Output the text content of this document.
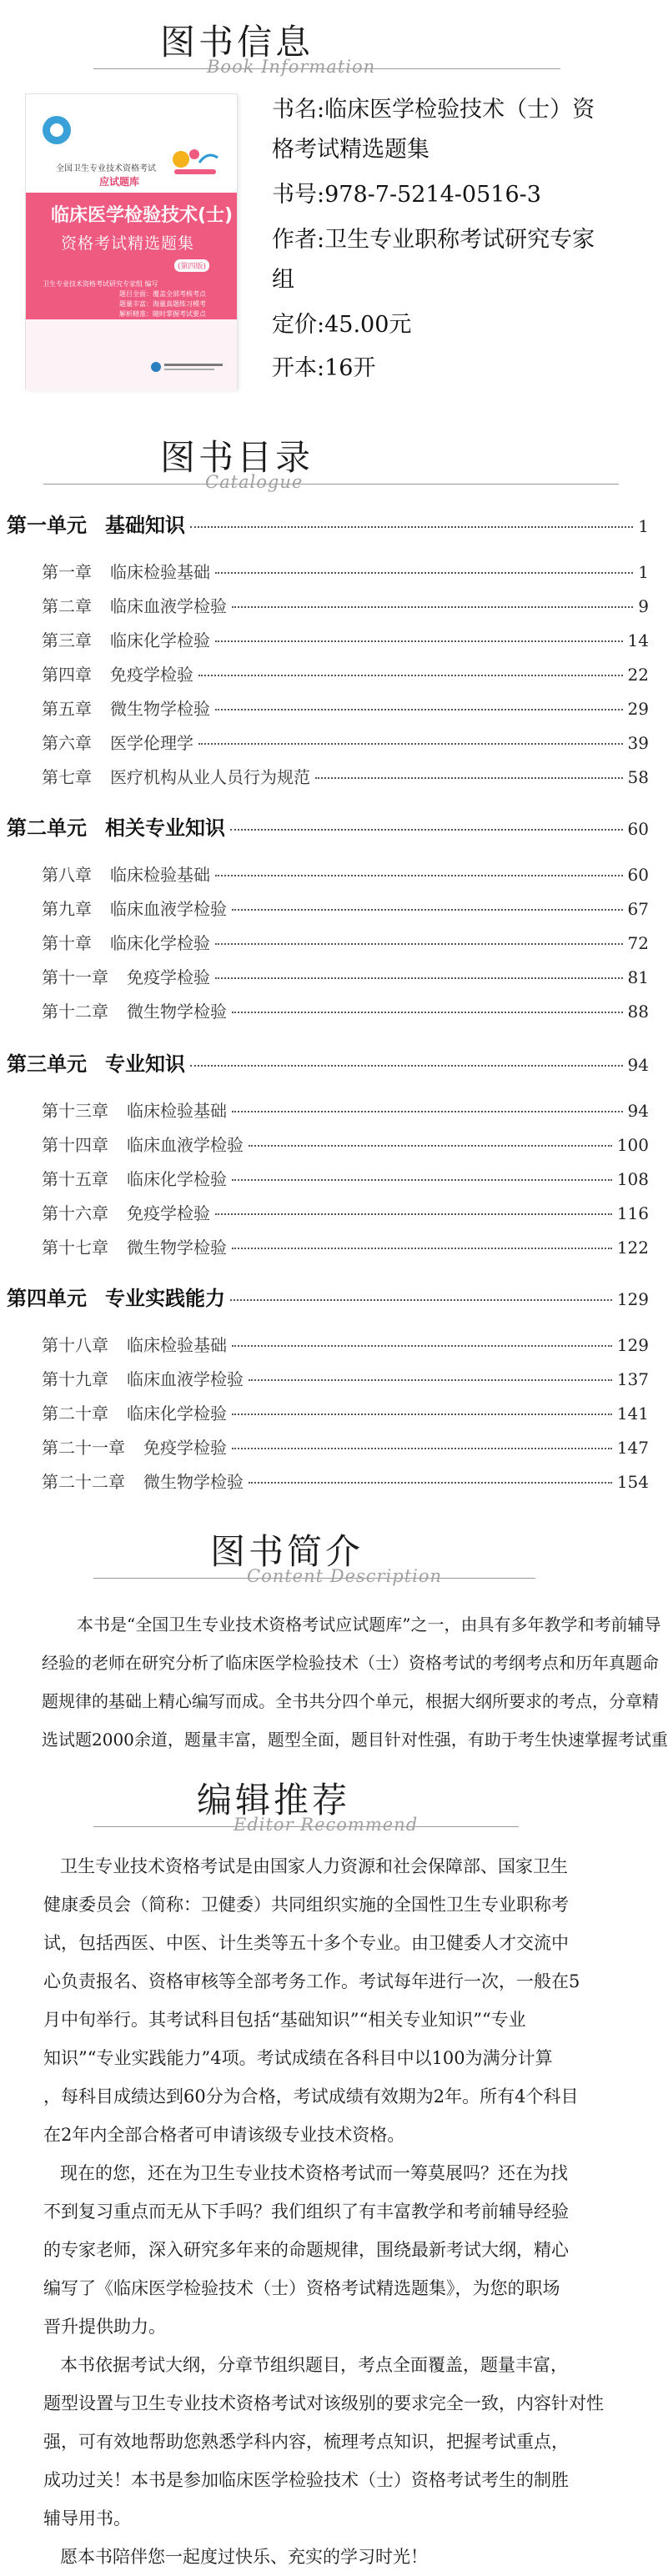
图书信息
Book Information
全国卫生专业技术资格考试
应试题库
临床医学检验技术(士)
资格考试精选题集
(第四版)
卫生专业技术资格考试研究专家组 编写
题目全面：覆盖全部考核考点
题量丰富：海量真题练习模考
解析精准：随时掌握考试要点
书名:临床医学检验技术（士）资
格考试精选题集
书号:978-7-5214-0516-3
作者:卫生专业职称考试研究专家
组
定价:45.00元
开本:16开
图书目录
Catalogue
图书简介
Content Description
本书是“全国卫生专业技术资格考试应试题库”之一，由具有多年教学和考前辅导
经验的老师在研究分析了临床医学检验技术（士）资格考试的考纲考点和历年真题命
题规律的基础上精心编写而成。全书共分四个单元，根据大纲所要求的考点，分章精
选试题2000余道，题量丰富，题型全面，题目针对性强，有助于考生快速掌握考试重
编辑推荐
Editor Recommend
卫生专业技术资格考试是由国家人力资源和社会保障部、国家卫生
健康委员会（简称：卫健委）共同组织实施的全国性卫生专业职称考
试，包括西医、中医、计生类等五十多个专业。由卫健委人才交流中
心负责报名、资格审核等全部考务工作。考试每年进行一次，一般在5
月中旬举行。其考试科目包括“基础知识”“相关专业知识”“专业
知识”“专业实践能力”4项。考试成绩在各科目中以100为满分计算
，每科目成绩达到60分为合格，考试成绩有效期为2年。所有4个科目
在2年内全部合格者可申请该级专业技术资格。
现在的您，还在为卫生专业技术资格考试而一筹莫展吗？还在为找
不到复习重点而无从下手吗？我们组织了有丰富教学和考前辅导经验
的专家老师，深入研究多年来的命题规律，围绕最新考试大纲，精心
编写了《临床医学检验技术（士）资格考试精选题集》，为您的职场
晋升提供助力。
本书依据考试大纲，分章节组织题目，考点全面覆盖，题量丰富，
题型设置与卫生专业技术资格考试对该级别的要求完全一致，内容针对性
强，可有效地帮助您熟悉学科内容，梳理考点知识，把握考试重点，
成功过关！本书是参加临床医学检验技术（士）资格考试考生的制胜
辅导用书。
愿本书陪伴您一起度过快乐、充实的学习时光！
第一单元 基础知识	1
第一章 临床检验基础	1
第二章 临床血液学检验	9
第三章 临床化学检验	14
第四章 免疫学检验	22
第五章 微生物学检验	29
第六章 医学伦理学	39
第七章 医疗机构从业人员行为规范	58
第二单元 相关专业知识	60
第八章 临床检验基础	60
第九章 临床血液学检验	67
第十章 临床化学检验	72
第十一章 免疫学检验	81
第十二章 微生物学检验	88
第三单元 专业知识	94
第十三章 临床检验基础	94
第十四章 临床血液学检验	100
第十五章 临床化学检验	108
第十六章 免疫学检验	116
第十七章 微生物学检验	122
第四单元 专业实践能力	129
第十八章 临床检验基础	129
第十九章 临床血液学检验	137
第二十章 临床化学检验	141
第二十一章 免疫学检验	147
第二十二章 微生物学检验	154
